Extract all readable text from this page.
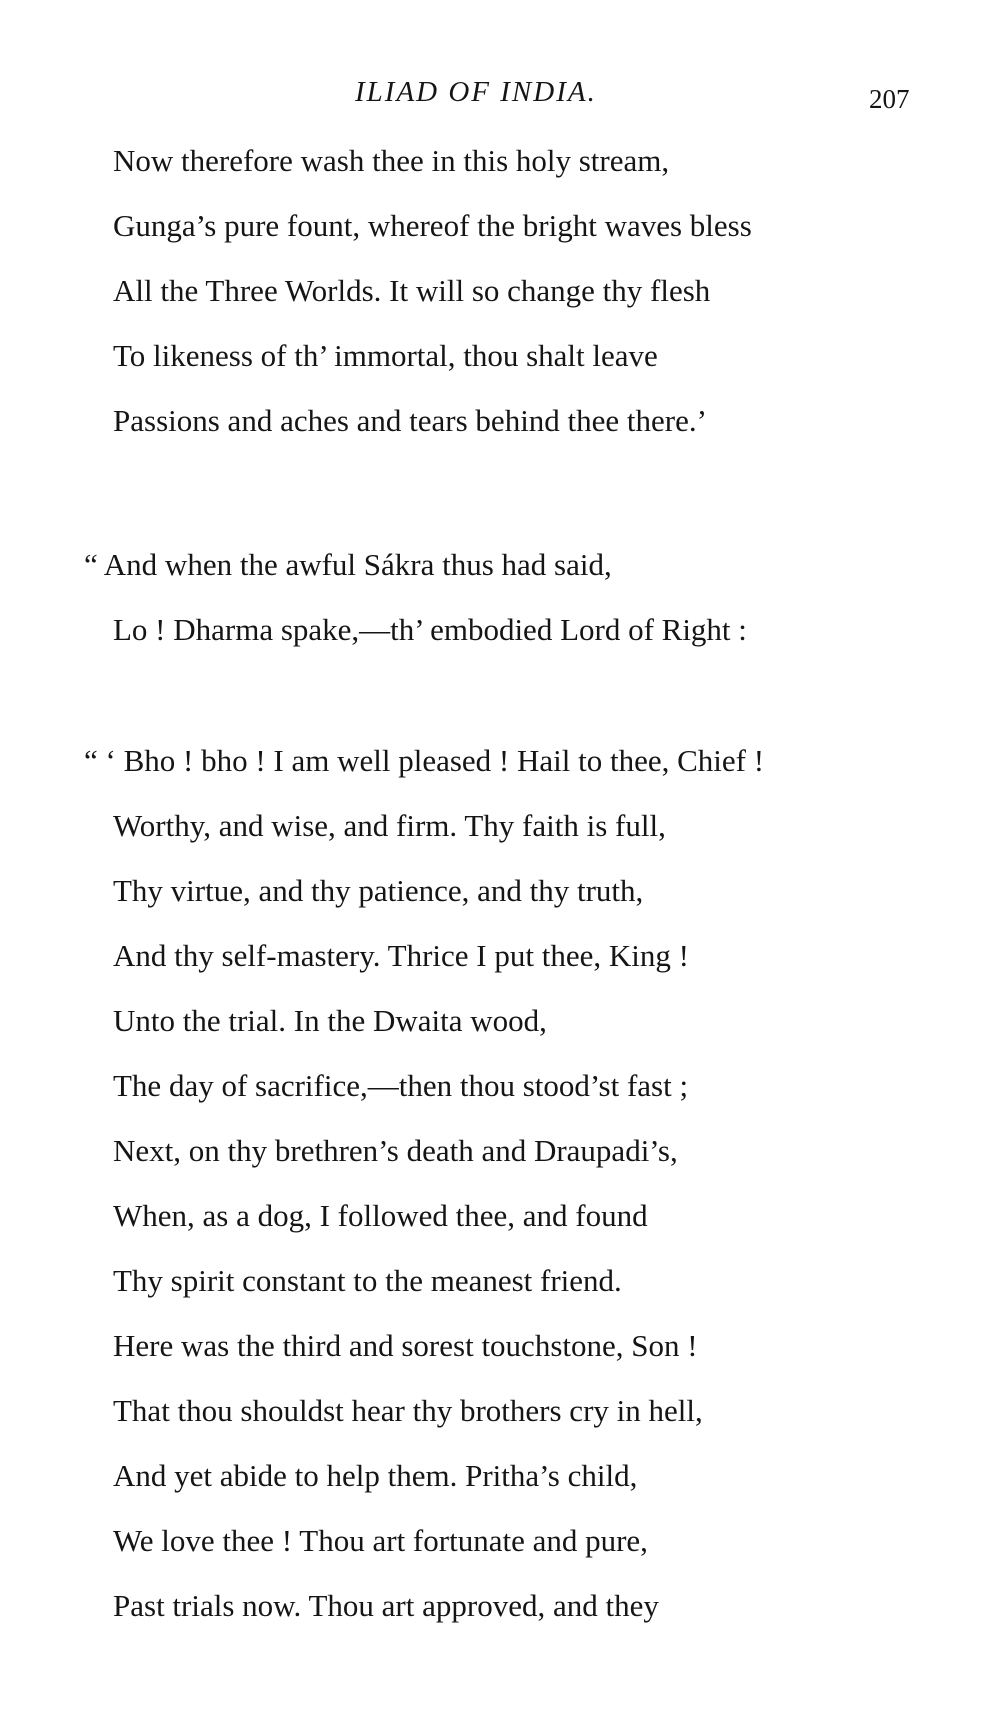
ILIAD OF INDIA.	207
Now therefore wash thee in this holy stream,
Gunga’s pure fount, whereof the bright waves bless
All the Three Worlds. It will so change thy flesh
To likeness of th’ immortal, thou shalt leave
Passions and aches and tears behind thee there.’
“ And when the awful Sákra thus had said,
Lo ! Dharma spake,—th’ embodied Lord of Right :
“ ‘ Bho ! bho ! I am well pleased ! Hail to thee, Chief !
Worthy, and wise, and firm. Thy faith is full,
Thy virtue, and thy patience, and thy truth,
And thy self-mastery. Thrice I put thee, King !
Unto the trial. In the Dwaita wood,
The day of sacrifice,—then thou stood’st fast ;
Next, on thy brethren’s death and Draupadi’s,
When, as a dog, I followed thee, and found
Thy spirit constant to the meanest friend.
Here was the third and sorest touchstone, Son !
That thou shouldst hear thy brothers cry in hell,
And yet abide to help them. Pritha’s child,
We love thee ! Thou art fortunate and pure,
Past trials now. Thou art approved, and they
